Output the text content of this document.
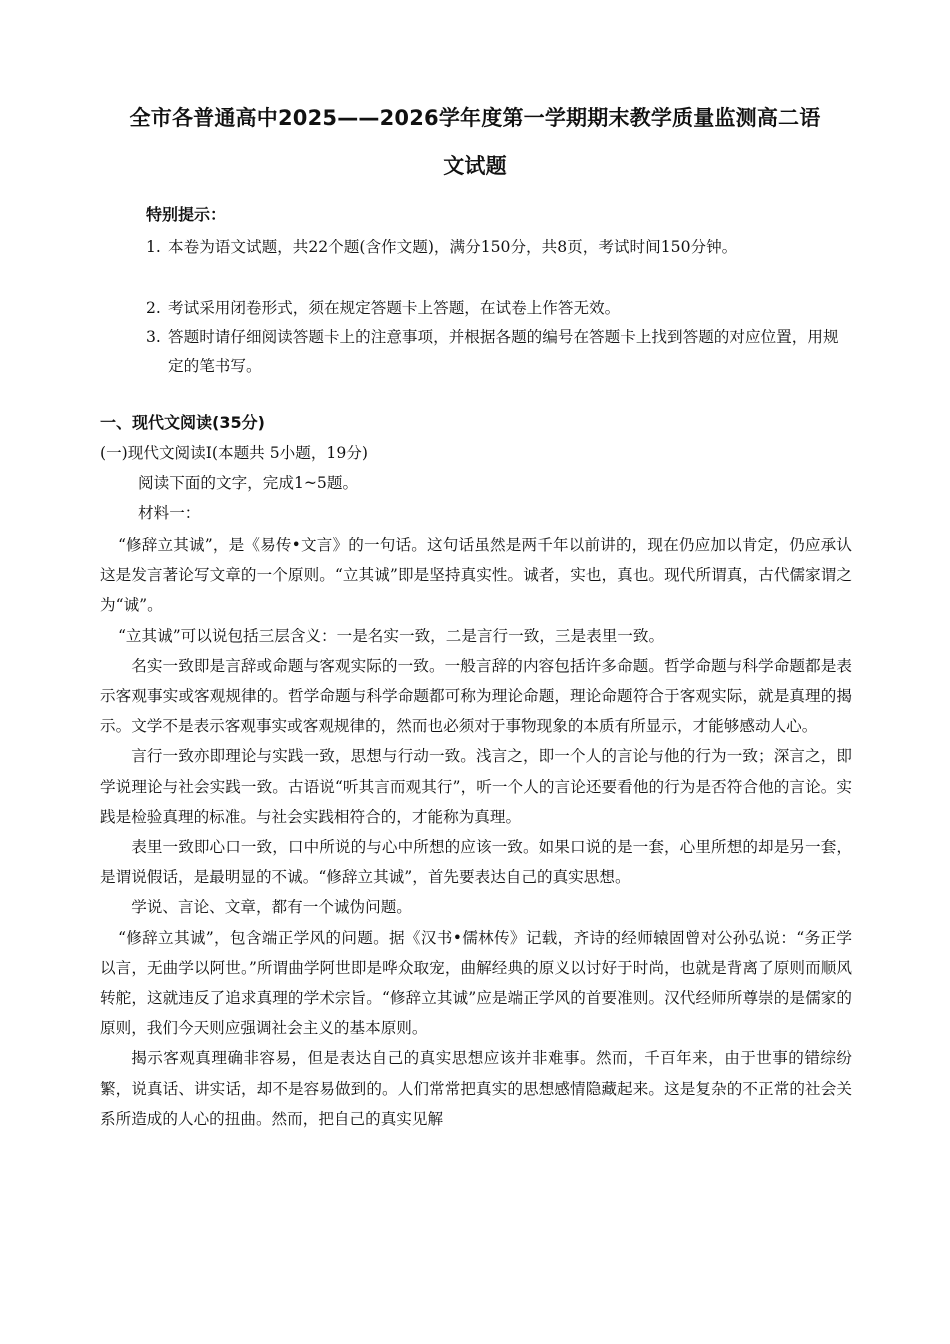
全市各普通高中2025——2026学年度第一学期期末教学质量监测高二语
文试题
特别提示：
1. 本卷为语文试题，共22个题(含作文题)，满分150分，共8页，考试时间150分钟。
2. 考试采用闭卷形式，须在规定答题卡上答题，在试卷上作答无效。
3. 答题时请仔细阅读答题卡上的注意事项，并根据各题的编号在答题卡上找到答题的对应位置，用规定的笔书写。
一、现代文阅读(35分)
(一)现代文阅读Ⅰ(本题共 5小题，19分)
阅读下面的文字，完成1~5题。
材料一：

“修辞立其诚”，是《易传•文言》的一句话。这句话虽然是两千年以前讲的，现在仍应加以肯定，仍应承认这是发言著论写文章的一个原则。“立其诚”即是坚持真实性。诚者，实也，真也。现代所谓真，古代儒家谓之为“诚”。

“立其诚”可以说包括三层含义：一是名实一致，二是言行一致，三是表里一致。

名实一致即是言辞或命题与客观实际的一致。一般言辞的内容包括许多命题。哲学命题与科学命题都是表示客观事实或客观规律的。哲学命题与科学命题都可称为理论命题，理论命题符合于客观实际，就是真理的揭示。文学不是表示客观事实或客观规律的，然而也必须对于事物现象的本质有所显示，才能够感动人心。

言行一致亦即理论与实践一致，思想与行动一致。浅言之，即一个人的言论与他的行为一致；深言之，即学说理论与社会实践一致。古语说“听其言而观其行”，听一个人的言论还要看他的行为是否符合他的言论。实践是检验真理的标准。与社会实践相符合的，才能称为真理。

表里一致即心口一致，口中所说的与心中所想的应该一致。如果口说的是一套，心里所想的却是另一套，是谓说假话，是最明显的不诚。“修辞立其诚”，首先要表达自己的真实思想。

学说、言论、文章，都有一个诚伪问题。

“修辞立其诚”，包含端正学风的问题。据《汉书•儒林传》记载，齐诗的经师辕固曾对公孙弘说：“务正学以言，无曲学以阿世。”所谓曲学阿世即是哗众取宠，曲解经典的原义以讨好于时尚，也就是背离了原则而顺风转舵，这就违反了追求真理的学术宗旨。“修辞立其诚”应是端正学风的首要准则。汉代经师所尊崇的是儒家的原则，我们今天则应强调社会主义的基本原则。

揭示客观真理确非容易，但是表达自己的真实思想应该并非难事。然而，千百年来，由于世事的错综纷繁，说真话、讲实话，却不是容易做到的。人们常常把真实的思想感情隐藏起来。这是复杂的不正常的社会关系所造成的人心的扭曲。然而，把自己的真实见解
